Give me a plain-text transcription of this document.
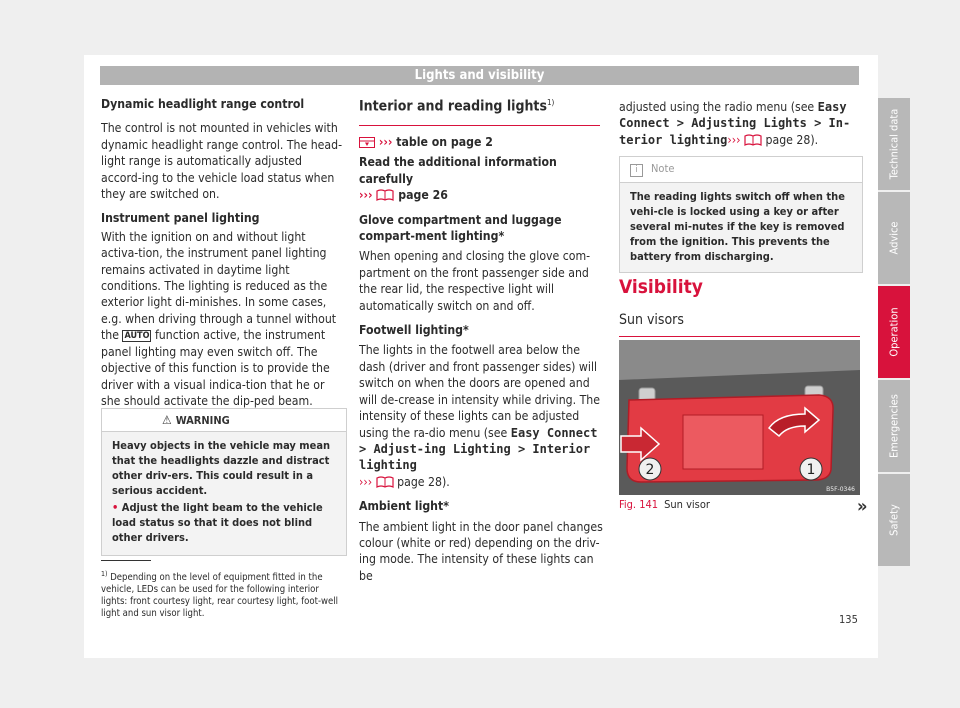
Lights and visibility

Dynamic headlight range control

The control is not mounted in vehicles with dynamic headlight range control. The head-light range is automatically adjusted accord-ing to the vehicle load status when they are switched on.

Instrument panel lighting

With the ignition on and without light activa-tion, the instrument panel lighting remains activated in daytime light conditions. The lighting is reduced as the exterior light di-minishes. In some cases, e.g. when driving through a tunnel without the AUTO function active, the instrument panel lighting may even switch off. The objective of this function is to provide the driver with a visual indica-tion that he or she should activate the dip-ped beam.

⚠ WARNING

Heavy objects in the vehicle may mean that the headlights dazzle and distract other driv-ers. This could result in a serious accident.

• Adjust the light beam to the vehicle load status so that it does not blind other drivers.

Interior and reading lights$^{1)}$

››› table on page 2

Read the additional information carefully
››› page 26

Glove compartment and luggage compart-ment lighting*

When opening and closing the glove com-partment on the front passenger side and the rear lid, the respective light will automatically switch on and off.

Footwell lighting*

The lights in the footwell area below the dash (driver and front passenger sides) will switch on when the doors are opened and will de-crease in intensity while driving. The intensity of these lights can be adjusted using the ra-dio menu (see Easy Connect > Adjust-ing Lighting > Interior lighting
››› page 28).

Ambient light*

The ambient light in the door panel changes colour (white or red) depending on the driv-ing mode. The intensity of these lights can be

adjusted using the radio menu (see Easy Connect > Adjusting Lights > In-terior lighting››› page 28).

i Note
The reading lights switch off when the vehi-cle is locked using a key or after several mi-nutes if the key is removed from the ignition. This prevents the battery from discharging.
Visibility
Sun visors
1
2
B5F-0346
Fig. 141 Sun visor	»
$^{1)}$ Depending on the level of equipment fitted in the vehicle, LEDs can be used for the following interior lights: front courtesy light, rear courtesy light, foot-well light and sun visor light.	135
Technical data
Advice
Operation
Emergencies
Safety
